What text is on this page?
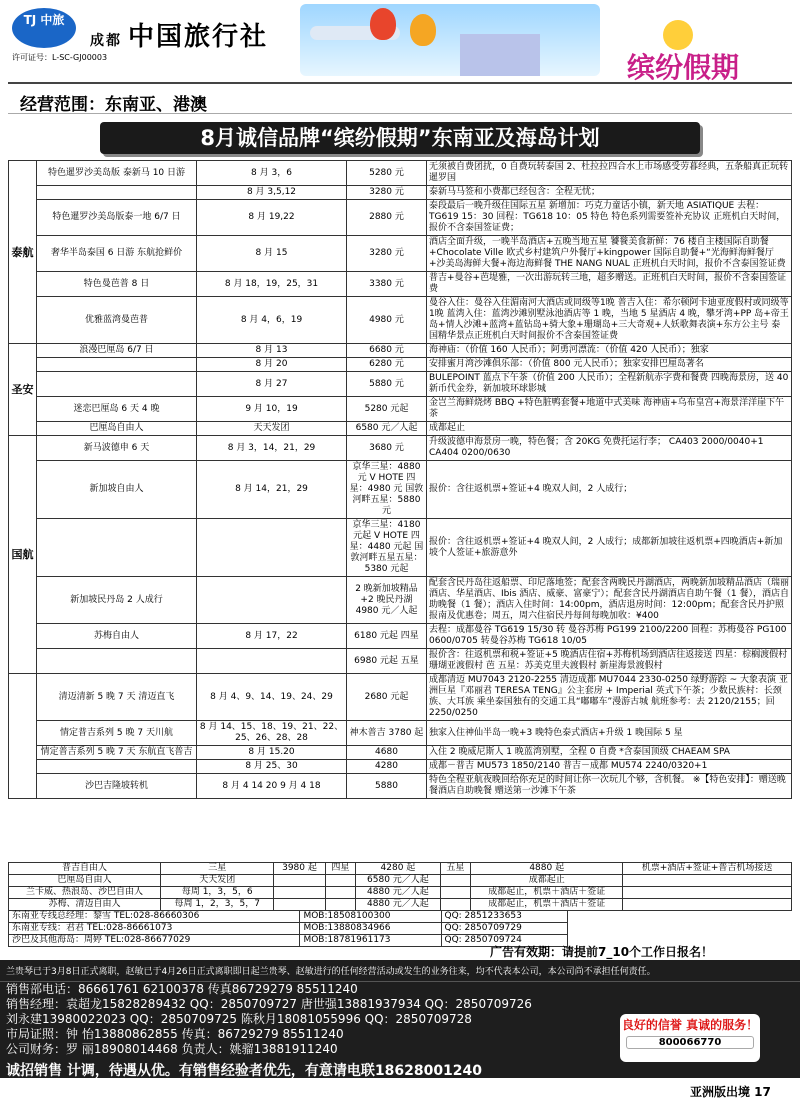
TJ 中旅
成都 中国旅行社
许可证号：L-SC-GJ00003	缤纷假期
经营范围：东南亚、港澳
8月诚信品牌“缤纷假期”东南亚及海岛计划
泰航	特色暹罗沙美岛版 泰新马 10 日游	8 月 3，6	5280 元	无须被自费团扰，0 自费玩转泰国 2、杜拉拉四合水上市场感受劳暮经典，五条船真正玩转暹罗国
		8 月 3,5,12	3280 元	泰新马马签和小费都已经包含：全程无忧；
	特色暹罗沙美岛版泰一地 6/7 日	8 月 19,22	2880 元	泰段最后一晚升级住国际五星 新增加：巧克力童话小镇，新天地 ASIATIQUE 去程：TG619 15：30 回程：TG618 10：05 特色 特色系列需要签补充协议 正班机白天时间，报价不含泰国签证费；
	奢华半岛泰国 6 日游 东航抢鲜价	8 月 15	3280 元	酒店全面升级，一晚半岛酒店+五晚当地五星 饕餮美食新鲜：76 楼自主楼国际自助餐+Chocolate Ville 欧式乡村建筑户外餐厅+kingpower 国际自助餐+“光海鲜海鲜餐厅+沙美岛海鲜大餐+海边海鲜餐 THE NANG NUAL 正班机白天时间，报价不含泰国签证费
	特色曼芭普 8 日	8 月 18，19，25，31	3380 元	普吉+曼谷+芭堤雅，一次出游玩转三地，超多赠送。正班机白天时间，报价不含泰国签证费
	优雅蓝湾曼芭普	8 月 4，6，19	4980 元	曼谷入住：曼谷入住湄南河大酒店或同级等1晚 普吉入住：希尔顿阿卡迪亚度假村或同级等1晚 蓝湾入住：蓝湾沙滩别墅泳池酒店等 1 晚，当地 5 星酒店 4 晚，攀牙湾+PP 岛+帝王岛+情人沙滩+蓝湾+蓝钻岛+骑大象+珊瑚岛+三大奇观+人妖歌舞表演+东方公主号 泰国精华景点正班机白天时间报价不含泰国签证费
圣安	浪漫巴厘岛 6/7 日	8 月 13	6680 元	海神庙：（价值 160 人民币）；阿勇河漂流：（价值 420 人民币）；独家
		8 月 20	6280 元	安排蜜月湾沙滩俱乐部：（价值 800 元人民币）；独家安排巴厘岛著名
		8 月 27	5880 元	BULEPOINT 蓝点下午茶（价值 200 人民币）；全程新航赤字费和餐费 四晚海景房，送 40 新币代金券，新加坡环球影城
	迷恋巴厘岛 6 天 4 晚	9 月 10，19	5280 元起	金岂兰海鲜烧烤 BBQ +特色脏鸭套餐+地道中式美味 海神庙+乌布皇宫+海景洋洋崖下午茶
	巴厘岛自由人	天天发团	6580 元／人起	成都起止
国航	新马波德申 6 天	8 月 3，14，21，29	3680 元	升级波德申海景房一晚，特色餐；含 20KG 免费托运行李； CA403 2000/0040+1 CA404 0200/0630
	新加坡自由人	8 月 14，21，29	京华三星：4880 元 V HOTE 四星：4980 元 国敦河畔五星：5880 元	报价：含往返机票+签证+4 晚双人间，2 人成行；
			京华三星：4180 元起 V HOTE 四星：4480 元起 国敦河畔五星五星：5380 元起	报价：含往返机票+签证+4 晚双人间，2 人成行；成都新加坡往返机票+四晚酒店+新加坡个人签证+旅游意外
	新加坡民丹岛 2 人成行		2 晚新加坡精品 +2 晚民丹湖 4980 元／人起	配套含民丹岛往返船票、印尼落地签；配套含两晚民丹湖酒店，两晚新加坡精品酒店（瑞丽酒店、华星酒店、Ibis 酒店、威豪、富豪宁）；配套含民丹湖酒店自助午餐（1 餐），酒店自助晚餐（1 餐）；酒店入住时间：14:00pm，酒店退房时间：12:00pm；配套含民丹护照报南及优惠卷；周五，周六住宿民丹每间每晚加收：¥400
	苏梅自由人	8 月 17，22	6180 元起 四星	去程：成都曼谷 TG619 15/30 转 曼谷苏梅 PG199 2100/2200 回程：苏梅曼谷 PG100 0600/0705 转曼谷苏梅 TG618 10/05
			6980 元起 五星	报价含：往返机票和税+签证+5 晚酒店住宿+苏梅机场到酒店往返接送 四星：棕榈渡假村 珊瑚亚渡假村 芭 五星：苏美克里夫渡假村 新崖海景渡假村
	清迈清新 5 晚 7 天 清迈直飞	8 月 4、9、14、19、24、29	2680 元起	成都清迈 MU7043 2120-2255 清迈成都 MU7044 2330-0250 绿野游踪 ~ 大象表演 亚洲巨星『邓丽君 TERESA TENG』公主套房 + Imperial 英式下午茶；少数民族村：长颈族、大耳族 乘坐泰国独有的交通工具“嘟嘟车”漫游古城 航班参考：去 2120/2155；回 2250/0250
	情定普吉系列 5 晚 7 天川航	8 月 14、15、18、19、21、22、25、26、28、28	神木普吉 3780 起	独家入住神仙半岛一晚+3 晚特色泰式酒店+升级 1 晚国际 5 星
	情定普吉系列 5 晚 7 天 东航直飞普吉	8 月 15.20	4680	入住 2 晚威尼斯人 1 晚蓝湾别墅，全程 0 自费 *含泰国顶级 CHAEAM SPA
		8 月 25、30	4280	成都－普吉 MU573 1850/2140 普吉－成都 MU574 2240/0320+1
	沙巴吉隆坡转机	8 月 4 14 20 9 月 4 18	5880	特色全程亚航夜晚回给你充足的时间让你一次玩儿个够，含机餐。 ※【特色安排】：赠送晚餐酒店自助晚餐 赠送第一沙滩下午茶
普吉自由人	三星	3980 起	四星	4280 起	五星	4880 起	机票+酒店+签证+普吉机场接送
巴厘岛自由人	天天发团			6580 元／人起		成都起止	
兰卡威、热浪岛、沙巴自由人	每周 1，3，5，6			4880 元／人起		成都起止，机票＋酒店＋签证	
苏梅、清迈自由人	每周 1，2，3，5，7			4880 元／人起		成都起止，机票＋酒店＋签证	
东南亚专线总经理：黎雪 TEL:028-86660306	MOB:18508100300	QQ: 2851233653
东南亚专线：君君 TEL:028-86661073	MOB:13880834966	QQ: 2850709729
沙巴及其他海岛：周婷 TEL:028-86677029	MOB:18781961173	QQ: 2850709724
广告有效期：请提前7_10个工作日报名！
兰贵琴已于3月8日正式离职，赵敏已于4月26日正式离职即日起兰贵琴、赵敏进行的任何经营活动或发生的业务往来，均不代表本公司，本公司尚不承担任何责任。
销售部电话：86661761 62100378 传真86729279 85511240
销售经理：袁超龙15828289432 QQ：2850709727 唐世强13881937934 QQ：2850709726
刘永建13980022023 QQ：2850709725 陈秋月18081055996 QQ：2850709728
市局证照：钟 怡13880862855 传真：86729279 85511240
公司财务：罗 丽18908014468 负责人：姚骝13881911240
诚招销售 计调，待遇从优。有销售经验者优先，有意请电联18628001240
良好的信誉 真诚的服务！
800066770
亚洲版出境 17
